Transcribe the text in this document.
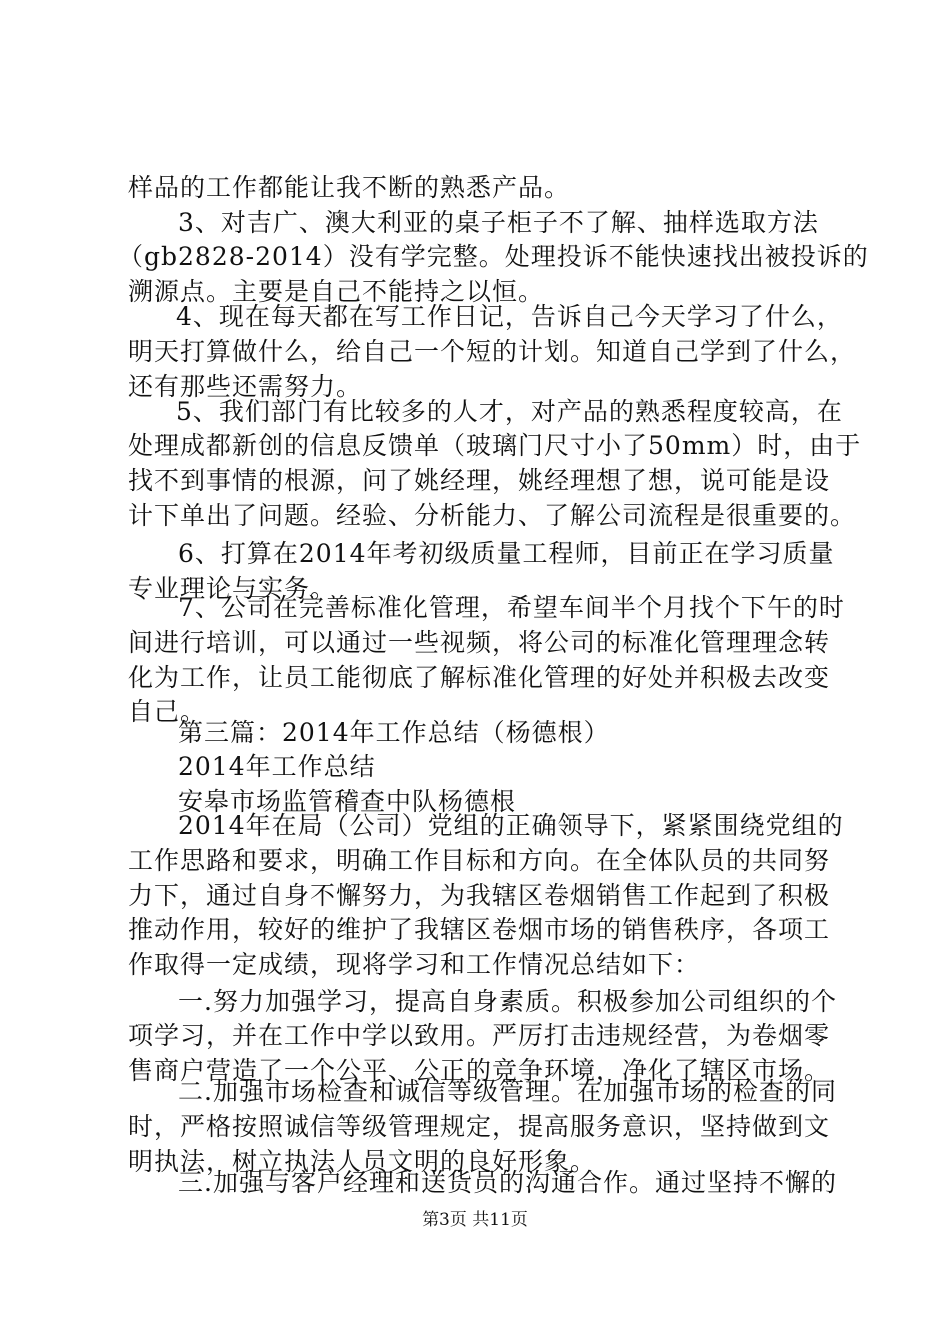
样品的工作都能让我不断的熟悉产品。
3、对吉广、澳大利亚的桌子柜子不了解、抽样选取方法
（gb2828-2014）没有学完整。处理投诉不能快速找出被投诉的
溯源点。主要是自己不能持之以恒。
4、现在每天都在写工作日记，告诉自己今天学习了什么，
明天打算做什么，给自己一个短的计划。知道自己学到了什么，
还有那些还需努力。
5、我们部门有比较多的人才，对产品的熟悉程度较高，在
处理成都新创的信息反馈单（玻璃门尺寸小了50mm）时，由于
找不到事情的根源，问了姚经理，姚经理想了想，说可能是设
计下单出了问题。经验、分析能力、了解公司流程是很重要的。
6、打算在2014年考初级质量工程师，目前正在学习质量
专业理论与实务。
7、公司在完善标准化管理，希望车间半个月找个下午的时
间进行培训，可以通过一些视频，将公司的标准化管理理念转
化为工作，让员工能彻底了解标准化管理的好处并积极去改变
自己。
第三篇：2014年工作总结（杨德根）
2014年工作总结
安皋市场监管稽查中队杨德根
2014年在局（公司）党组的正确领导下，紧紧围绕党组的
工作思路和要求，明确工作目标和方向。在全体队员的共同努
力下，通过自身不懈努力，为我辖区卷烟销售工作起到了积极
推动作用，较好的维护了我辖区卷烟市场的销售秩序，各项工
作取得一定成绩，现将学习和工作情况总结如下：
一.努力加强学习，提高自身素质。积极参加公司组织的个
项学习，并在工作中学以致用。严厉打击违规经营，为卷烟零
售商户营造了一个公平、公正的竞争环境，净化了辖区市场。
二.加强市场检查和诚信等级管理。在加强市场的检查的同
时，严格按照诚信等级管理规定，提高服务意识，坚持做到文
明执法，树立执法人员文明的良好形象。
三.加强与客户经理和送货员的沟通合作。通过坚持不懈的
第3页 共11页
